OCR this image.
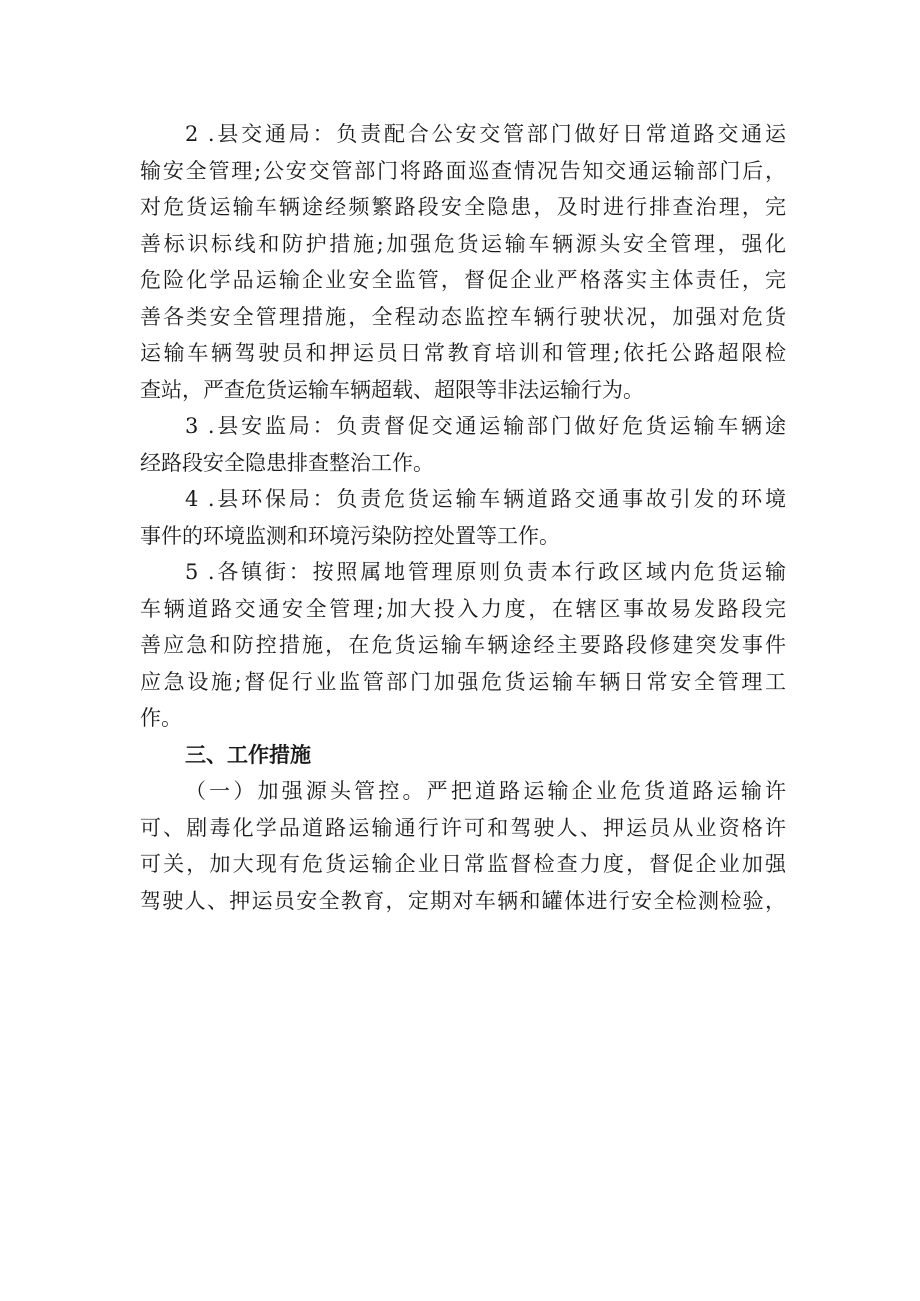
2 .县交通局：负责配合公安交管部门做好日常道路交通运
输安全管理;公安交管部门将路面巡查情况告知交通运输部门后，
对危货运输车辆途经频繁路段安全隐患，及时进行排查治理，完
善标识标线和防护措施;加强危货运输车辆源头安全管理，强化
危险化学品运输企业安全监管，督促企业严格落实主体责任，完
善各类安全管理措施，全程动态监控车辆行驶状况，加强对危货
运输车辆驾驶员和押运员日常教育培训和管理;依托公路超限检
查站，严查危货运输车辆超载、超限等非法运输行为。
3 .县安监局：负责督促交通运输部门做好危货运输车辆途
经路段安全隐患排查整治工作。
4 .县环保局：负责危货运输车辆道路交通事故引发的环境
事件的环境监测和环境污染防控处置等工作。
5 .各镇街：按照属地管理原则负责本行政区域内危货运输
车辆道路交通安全管理;加大投入力度，在辖区事故易发路段完
善应急和防控措施，在危货运输车辆途经主要路段修建突发事件
应急设施;督促行业监管部门加强危货运输车辆日常安全管理工
作。
三、工作措施
（一）加强源头管控。严把道路运输企业危货道路运输许
可、剧毒化学品道路运输通行许可和驾驶人、押运员从业资格许
可关，加大现有危货运输企业日常监督检查力度，督促企业加强
驾驶人、押运员安全教育，定期对车辆和罐体进行安全检测检验，
